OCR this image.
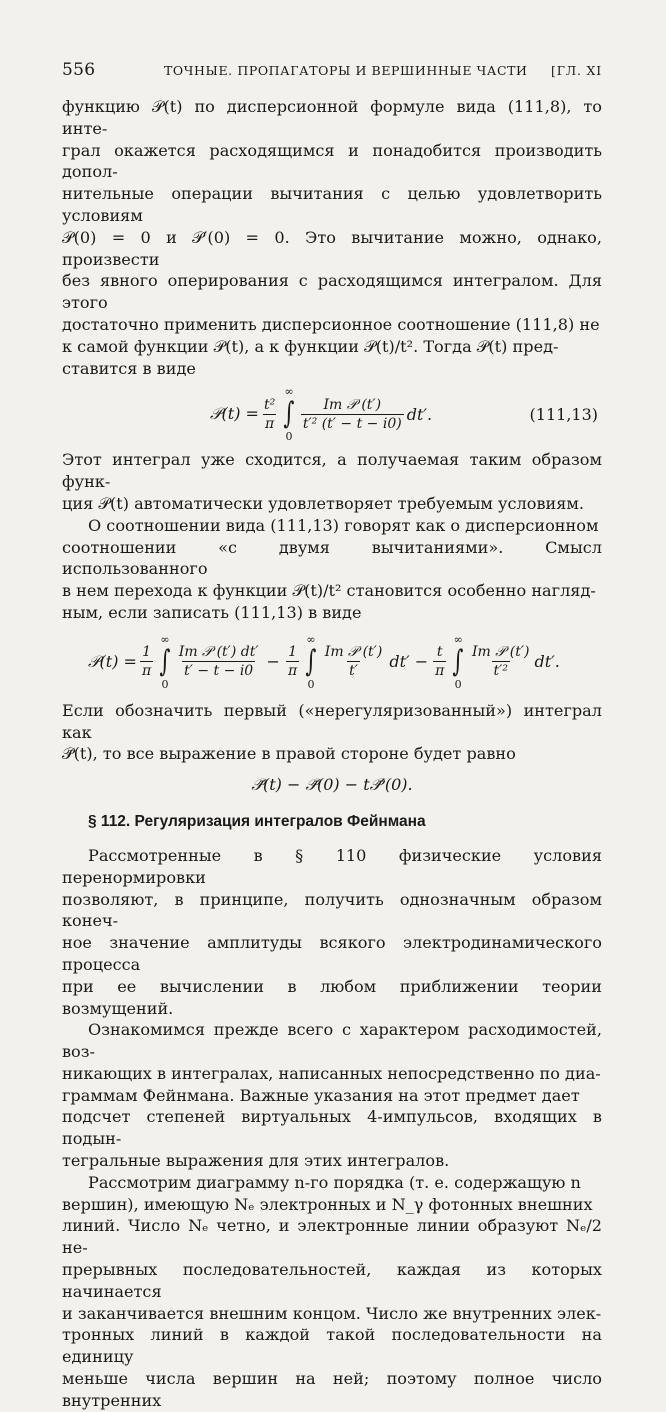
556	ТОЧНЫЕ. ПРОПАГАТОРЫ И ВЕРШИННЫЕ ЧАСТИ [ГЛ. XI

функцию 𝒫(t) по дисперсионной формуле вида (111,8), то инте-

грал окажется расходящимся и понадобится производить допол-

нительные операции вычитания с целью удовлетворить условиям

𝒫(0) = 0 и 𝒫′(0) = 0. Это вычитание можно, однако, произвести

без явного оперирования с расходящимся интегралом. Для этого

достаточно применить дисперсионное соотношение (111,8) не

к самой функции 𝒫(t), а к функции 𝒫(t)/t². Тогда 𝒫(t) пред-

ставится в виде

𝒫(t) = $\frac{\text{t²}}{\pi}$
∞
∫
0
$\frac{\text{Im 𝒫 (t′)}}{\text{t′² (t′ − t − i0)}} dt'$.	(111,13)

Этот интеграл уже сходится, а получаемая таким образом функ-

ция 𝒫(t) автоматически удовлетворяет требуемым условиям.

О соотношении вида (111,13) говорят как о дисперсионном

соотношении «с двумя вычитаниями». Смысл использованного

в нем перехода к функции 𝒫(t)/t² становится особенно нагляд-

ным, если записать (111,13) в виде

𝒫(t) = $\frac{1}{\pi}$
∞
∫
0
$\frac{\text{Im 𝒫 (t′) dt′}}{t' - t - i0} - \frac{1}{\pi}$
∞
∫
0
$\frac{\text{Im 𝒫 (t′)}}{t'} dt' - \frac{t}{\pi}$
∞
∫
0
$\frac{\text{Im 𝒫 (t′)}}{\text{t′²}} dt'$.

Если обозначить первый («нерегуляризованный») интеграл как

𝒫̄(t), то все выражение в правой стороне будет равно

𝒫̄(t) − 𝒫̄(0) − t𝒫̄′(0).

§ 112. Регуляризация интегралов Фейнмана

Рассмотренные в § 110 физические условия перенормировки

позволяют, в принципе, получить однозначным образом конеч-

ное значение амплитуды всякого электродинамического процесса

при ее вычислении в любом приближении теории возмущений.

Ознакомимся прежде всего с характером расходимостей, воз-

никающих в интегралах, написанных непосредственно по диа-

граммам Фейнмана. Важные указания на этот предмет дает

подсчет степеней виртуальных 4-импульсов, входящих в подын-

тегральные выражения для этих интегралов.

Рассмотрим диаграмму n-го порядка (т. е. содержащую n

вершин), имеющую Nₑ электронных и N_γ фотонных внешних

линий. Число Nₑ четно, и электронные линии образуют Nₑ/2 не-

прерывных последовательностей, каждая из которых начинается

и заканчивается внешним концом. Число же внутренних элек-

тронных линий в каждой такой последовательности на единицу

меньше числа вершин на ней; поэтому полное число внутренних
